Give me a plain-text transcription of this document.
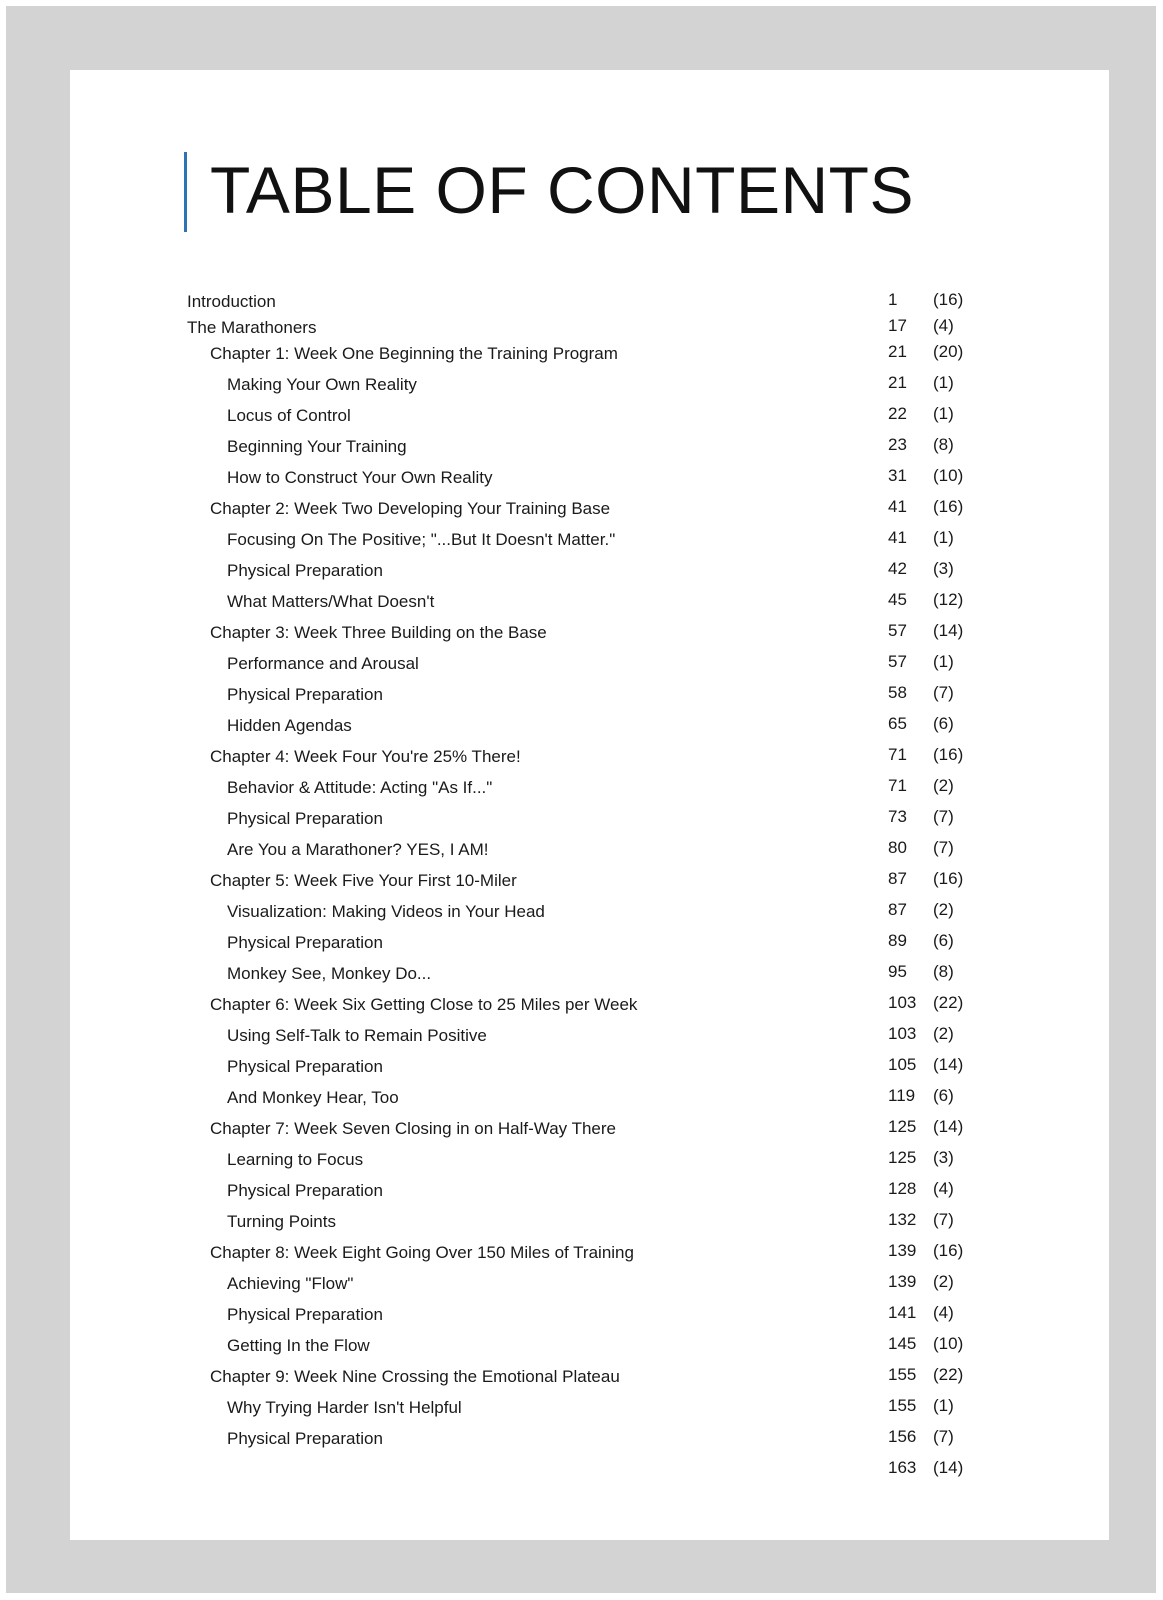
TABLE OF CONTENTS
Introduction	1 (16)
The Marathoners	17 (4)
Chapter 1: Week One Beginning the Training Program	21 (20)
Making Your Own Reality	21 (1)
Locus of Control	22 (1)
Beginning Your Training	23 (8)
How to Construct Your Own Reality	31 (10)
Chapter 2: Week Two Developing Your Training Base	41 (16)
Focusing On The Positive; "...But It Doesn't Matter."	41 (1)
Physical Preparation	42 (3)
What Matters/What Doesn't	45 (12)
Chapter 3: Week Three Building on the Base	57 (14)
Performance and Arousal	57 (1)
Physical Preparation	58 (7)
Hidden Agendas	65 (6)
Chapter 4: Week Four You're 25% There!	71 (16)
Behavior & Attitude: Acting "As If..."	71 (2)
Physical Preparation	73 (7)
Are You a Marathoner? YES, I AM!	80 (7)
Chapter 5: Week Five Your First 10-Miler	87 (16)
Visualization: Making Videos in Your Head	87 (2)
Physical Preparation	89 (6)
Monkey See, Monkey Do...	95 (8)
Chapter 6: Week Six Getting Close to 25 Miles per Week	103 (22)
Using Self-Talk to Remain Positive	103 (2)
Physical Preparation	105 (14)
And Monkey Hear, Too	119 (6)
Chapter 7: Week Seven Closing in on Half-Way There	125 (14)
Learning to Focus	125 (3)
Physical Preparation	128 (4)
Turning Points	132 (7)
Chapter 8: Week Eight Going Over 150 Miles of Training	139 (16)
Achieving "Flow"	139 (2)
Physical Preparation	141 (4)
Getting In the Flow	145 (10)
Chapter 9: Week Nine Crossing the Emotional Plateau	155 (22)
Why Trying Harder Isn't Helpful	155 (1)
Physical Preparation	156 (7)
163 (14)
